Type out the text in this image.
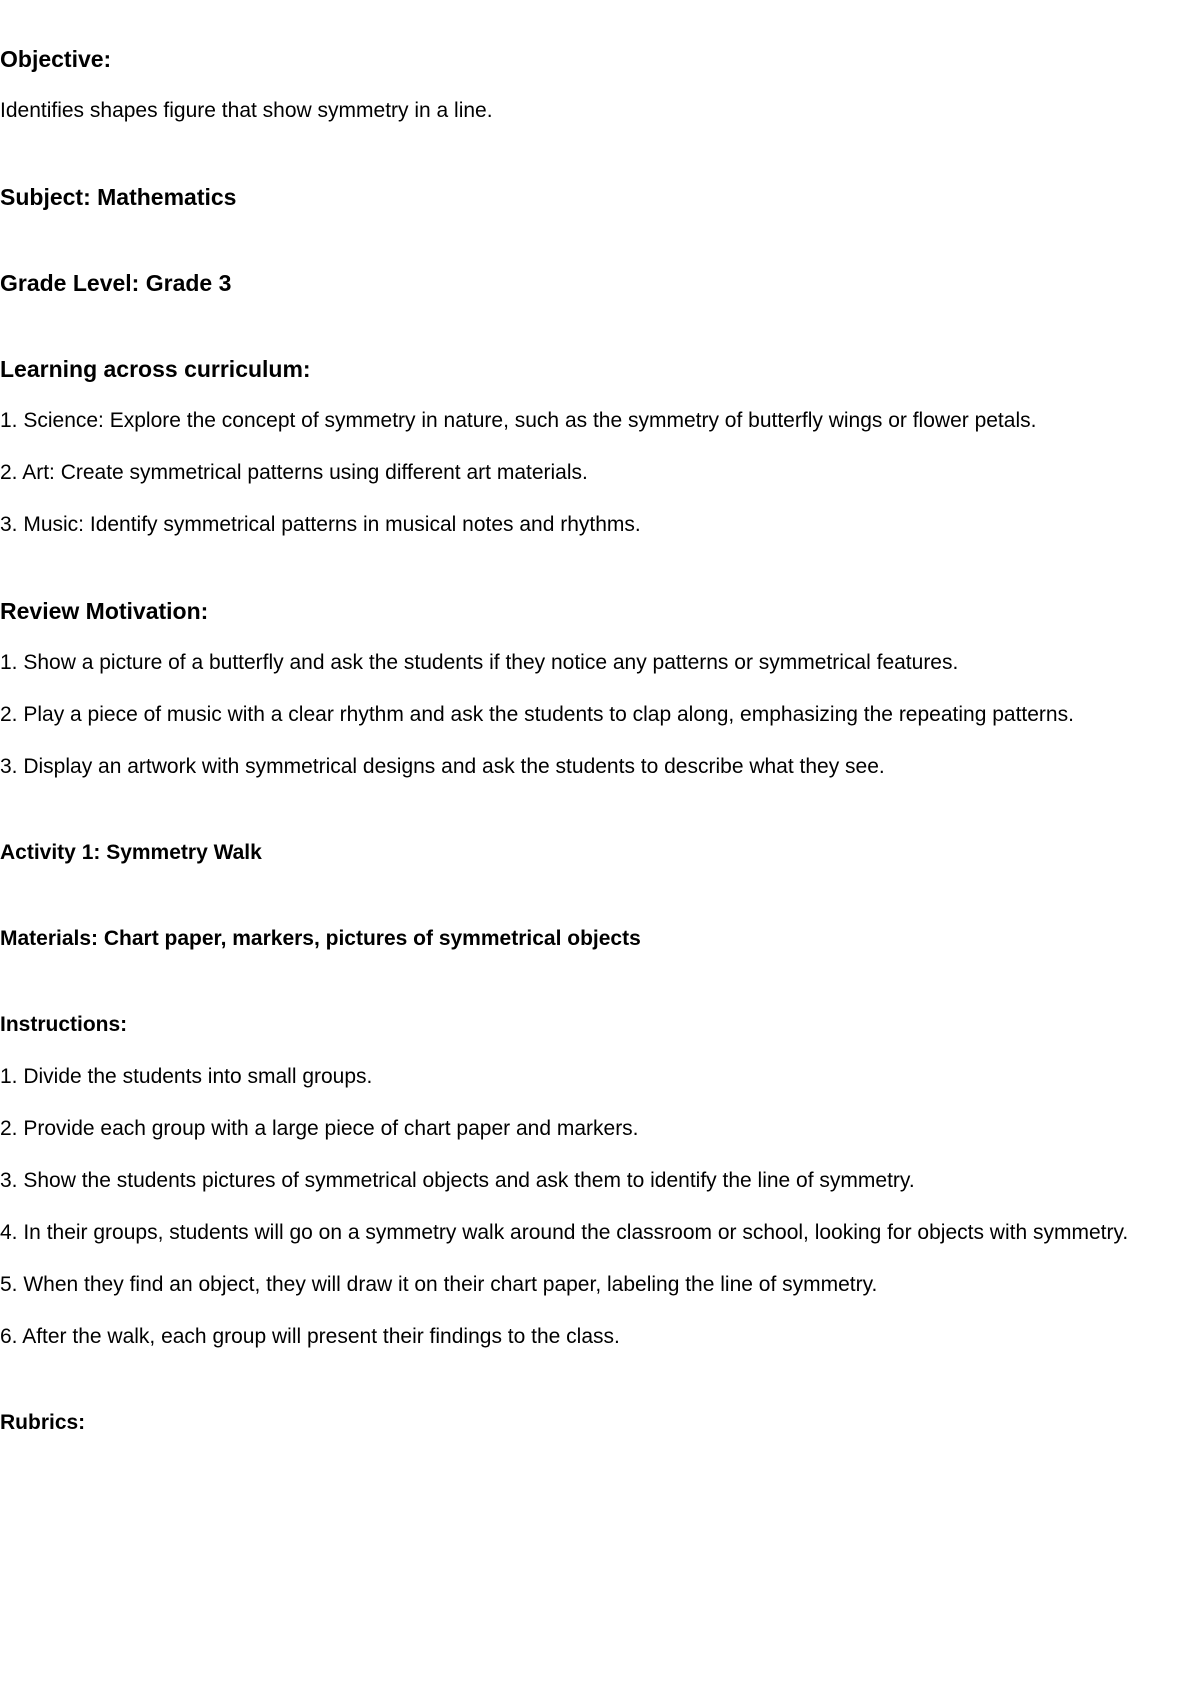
Objective:
Identifies shapes figure that show symmetry in a line.
Subject: Mathematics
Grade Level: Grade 3
Learning across curriculum:
1. Science: Explore the concept of symmetry in nature, such as the symmetry of butterfly wings or flower petals.
2. Art: Create symmetrical patterns using different art materials.
3. Music: Identify symmetrical patterns in musical notes and rhythms.
Review Motivation:
1. Show a picture of a butterfly and ask the students if they notice any patterns or symmetrical features.
2. Play a piece of music with a clear rhythm and ask the students to clap along, emphasizing the repeating patterns.
3. Display an artwork with symmetrical designs and ask the students to describe what they see.
Activity 1: Symmetry Walk
Materials: Chart paper, markers, pictures of symmetrical objects
Instructions:
1. Divide the students into small groups.
2. Provide each group with a large piece of chart paper and markers.
3. Show the students pictures of symmetrical objects and ask them to identify the line of symmetry.
4. In their groups, students will go on a symmetry walk around the classroom or school, looking for objects with symmetry.
5. When they find an object, they will draw it on their chart paper, labeling the line of symmetry.
6. After the walk, each group will present their findings to the class.
Rubrics:
